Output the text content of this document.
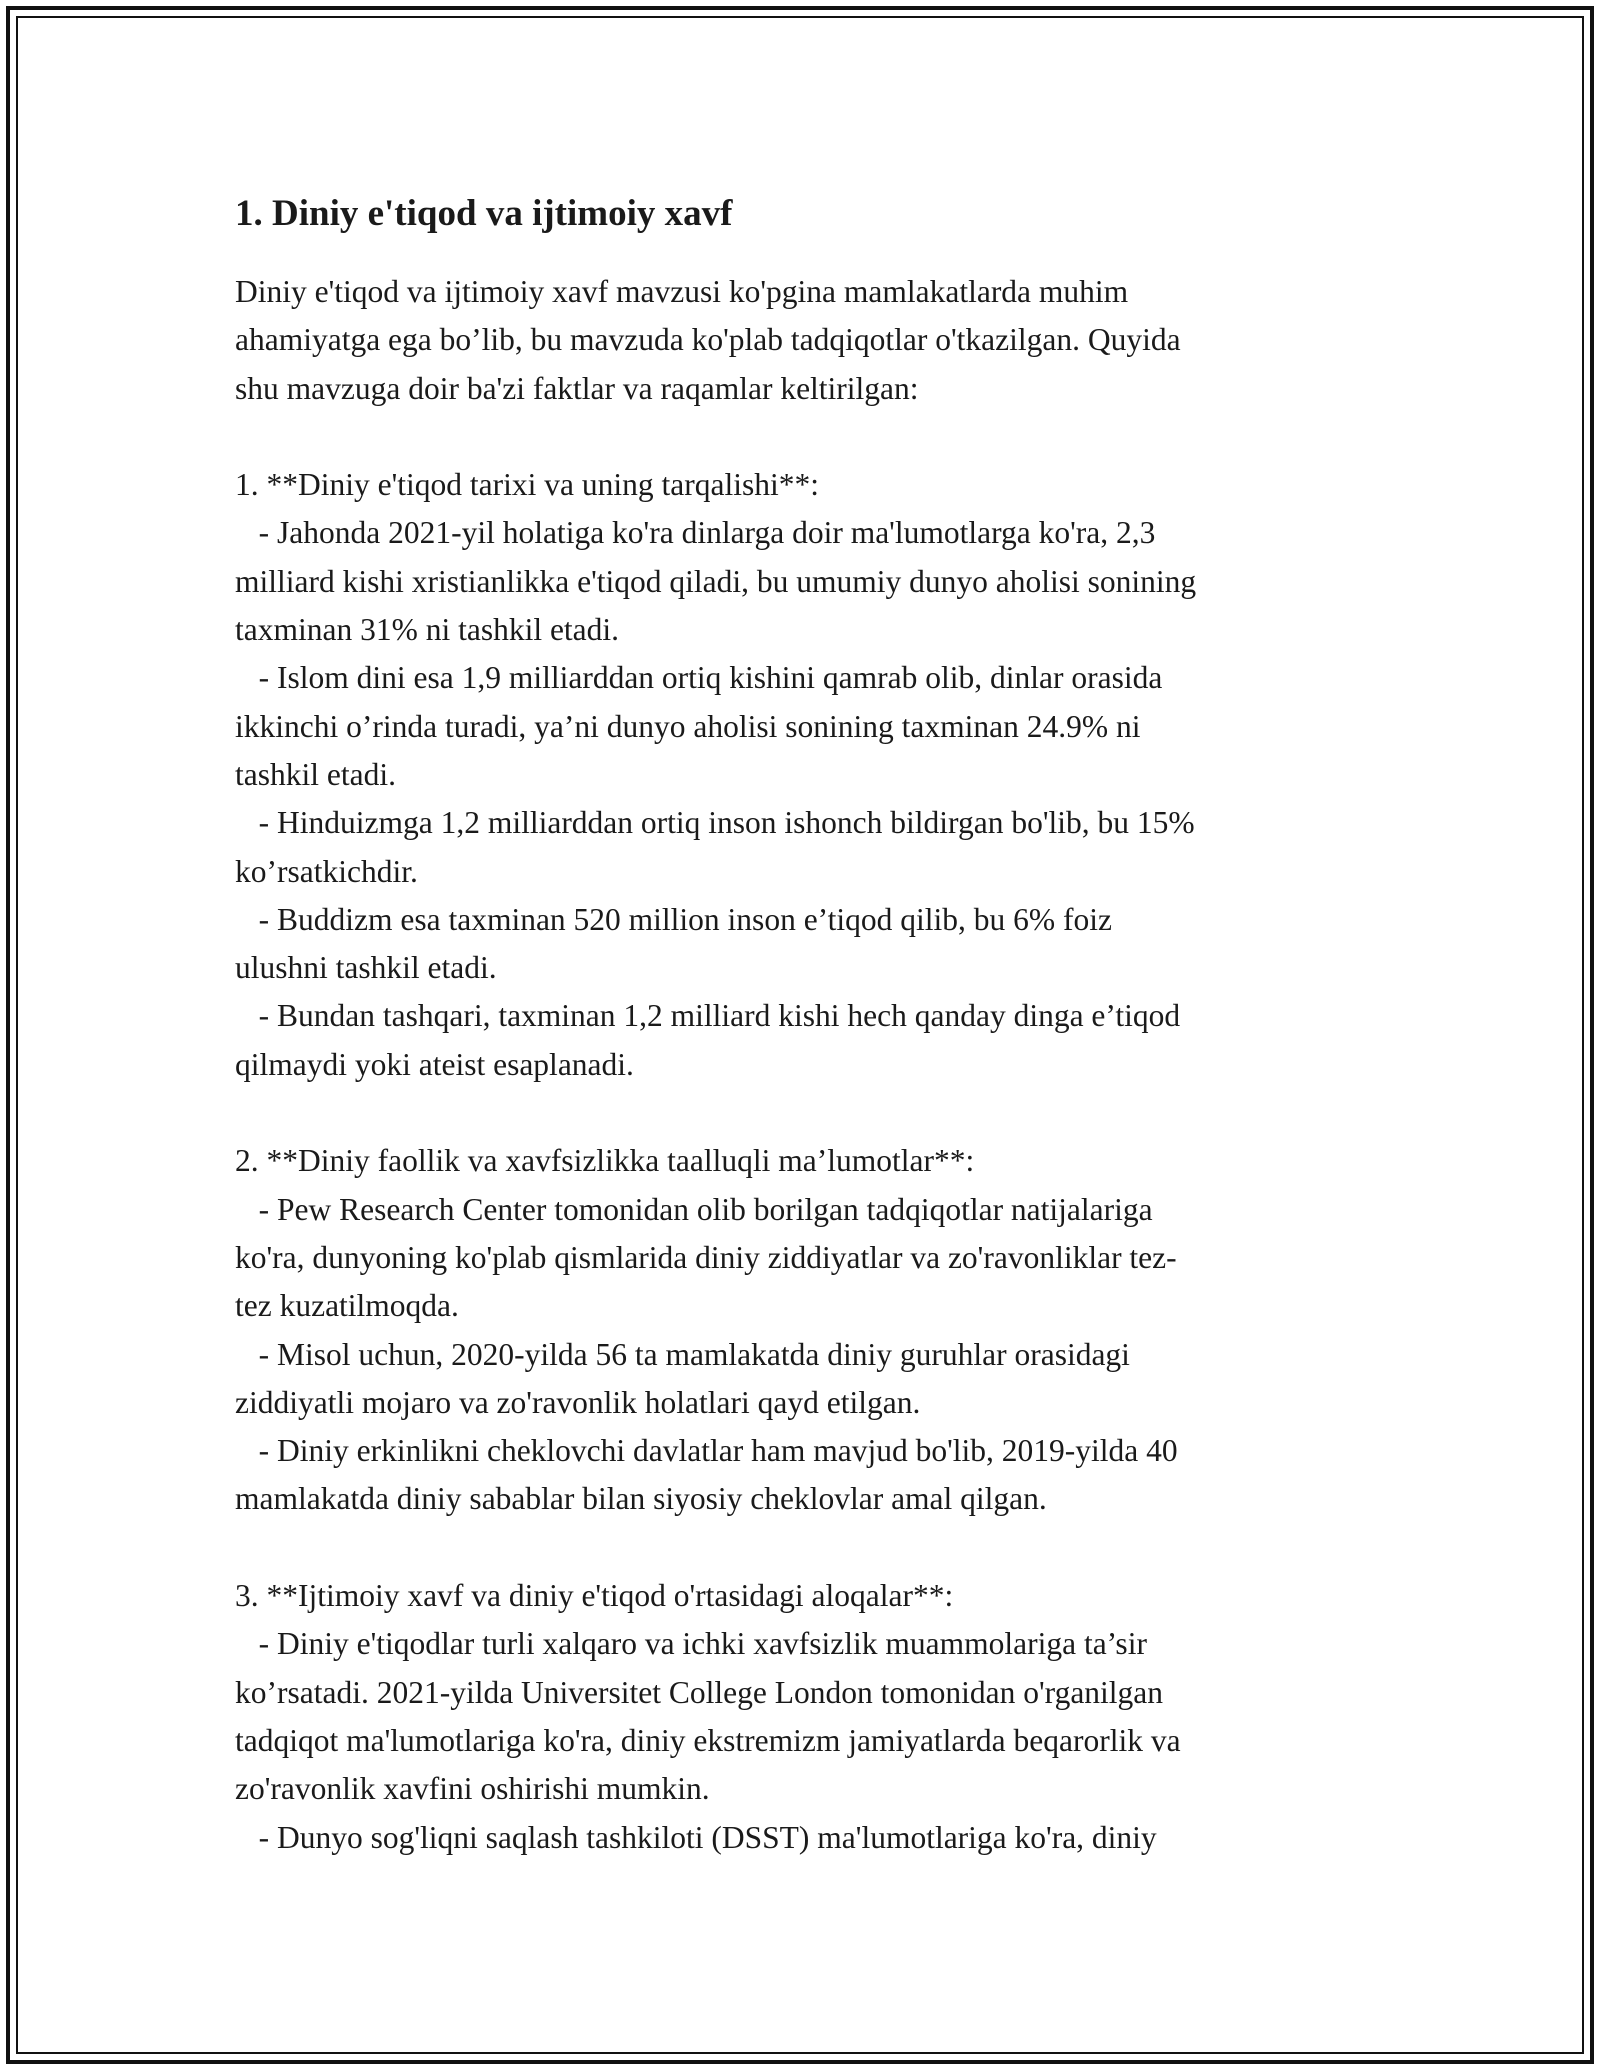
1. Diniy e'tiqod va ijtimoiy xavf

Diniy e'tiqod va ijtimoiy xavf mavzusi ko'pgina mamlakatlarda muhim
ahamiyatga ega bo’lib, bu mavzuda ko'plab tadqiqotlar o'tkazilgan. Quyida
shu mavzuga doir ba'zi faktlar va raqamlar keltirilgan:

1. **Diniy e'tiqod tarixi va uning tarqalishi**:
- Jahonda 2021-yil holatiga ko'ra dinlarga doir ma'lumotlarga ko'ra, 2,3
milliard kishi xristianlikka e'tiqod qiladi, bu umumiy dunyo aholisi sonining
taxminan 31% ni tashkil etadi.
- Islom dini esa 1,9 milliarddan ortiq kishini qamrab olib, dinlar orasida
ikkinchi o’rinda turadi, ya’ni dunyo aholisi sonining taxminan 24.9% ni
tashkil etadi.
- Hinduizmga 1,2 milliarddan ortiq inson ishonch bildirgan bo'lib, bu 15%
ko’rsatkichdir.
- Buddizm esa taxminan 520 million inson e’tiqod qilib, bu 6% foiz
ulushni tashkil etadi.
- Bundan tashqari, taxminan 1,2 milliard kishi hech qanday dinga e’tiqod
qilmaydi yoki ateist esaplanadi.

2. **Diniy faollik va xavfsizlikka taalluqli ma’lumotlar**:
- Pew Research Center tomonidan olib borilgan tadqiqotlar natijalariga
ko'ra, dunyoning ko'plab qismlarida diniy ziddiyatlar va zo'ravonliklar tez-
tez kuzatilmoqda.
- Misol uchun, 2020-yilda 56 ta mamlakatda diniy guruhlar orasidagi
ziddiyatli mojaro va zo'ravonlik holatlari qayd etilgan.
- Diniy erkinlikni cheklovchi davlatlar ham mavjud bo'lib, 2019-yilda 40
mamlakatda diniy sabablar bilan siyosiy cheklovlar amal qilgan.

3. **Ijtimoiy xavf va diniy e'tiqod o'rtasidagi aloqalar**:
- Diniy e'tiqodlar turli xalqaro va ichki xavfsizlik muammolariga ta’sir
ko’rsatadi. 2021-yilda Universitet College London tomonidan o'rganilgan
tadqiqot ma'lumotlariga ko'ra, diniy ekstremizm jamiyatlarda beqarorlik va
zo'ravonlik xavfini oshirishi mumkin.
- Dunyo sog'liqni saqlash tashkiloti (DSST) ma'lumotlariga ko'ra, diniy
